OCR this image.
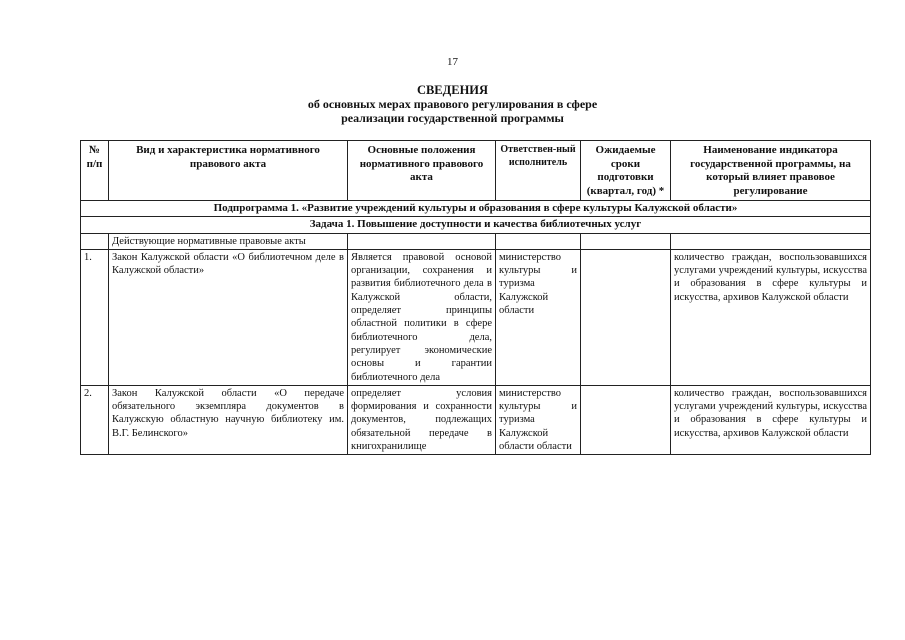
17
СВЕДЕНИЯ
об основных мерах правового регулирования в сфере
реализации государственной программы
№ п/п	Вид и характеристика нормативного правового акта	Основные положения нормативного правового акта	Ответствен-ный исполнитель	Ожидаемые сроки подготовки (квартал, год) *	Наименование индикатора государственной программы, на который влияет правовое регулирование
Подпрограмма 1. «Развитие учреждений культуры и образования в сфере культуры Калужской области»					
Задача 1. Повышение доступности и качества библиотечных услуг					
	Действующие нормативные правовые акты				
1.	Закон Калужской области «О библиотечном деле в Калужской области»	Является правовой основой организации, сохранения и развития библиотечного дела в Калужской области, определяет принципы областной политики в сфере библиотечного дела, регулирует экономические основы и гарантии библиотечного дела	министерство культуры и туризма Калужской области		количество граждан, воспользовавшихся услугами учреждений культуры, искусства и образования в сфере культуры и искусства, архивов Калужской области
2.	Закон Калужской области «О передаче обязательного экземпляра документов в Калужскую областную научную библиотеку им. В.Г. Белинского»	определяет условия формирования и сохранности документов, подлежащих обязательной передаче в книгохранилище	министерство культуры и туризма Калужской области области		количество граждан, воспользовавшихся услугами учреждений культуры, искусства и образования в сфере культуры и искусства, архивов Калужской области
